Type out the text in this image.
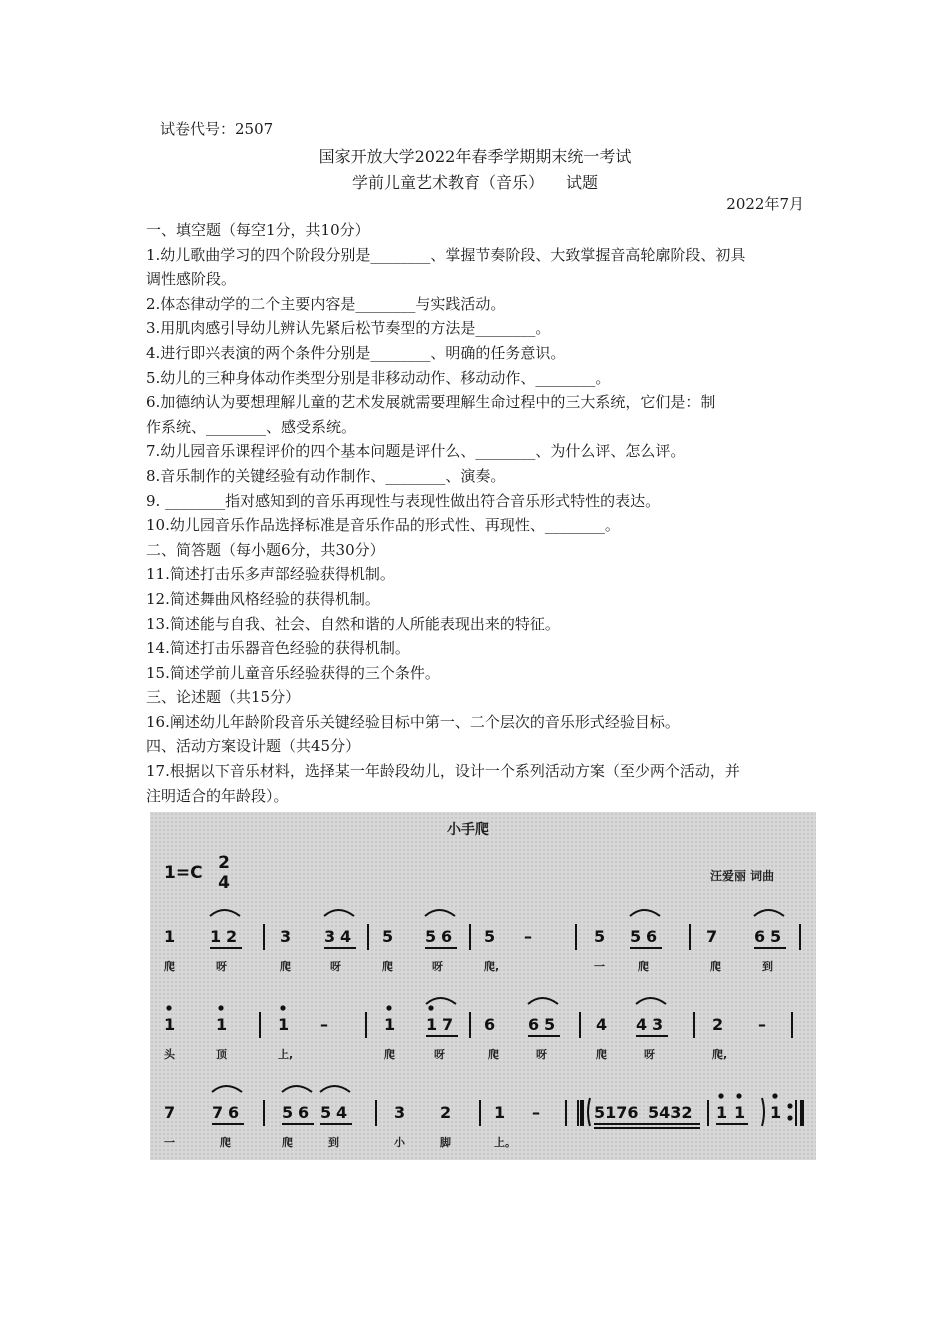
试卷代号：2507
国家开放大学2022年春季学期期末统一考试
学前儿童艺术教育（音乐） 试题
2022年7月

一、填空题（每空1分，共10分）

1.幼儿歌曲学习的四个阶段分别是________、掌握节奏阶段、大致掌握音高轮廓阶段、初具

调性感阶段。

2.体态律动学的二个主要内容是________与实践活动。

3.用肌肉感引导幼儿辨认先紧后松节奏型的方法是________。

4.进行即兴表演的两个条件分别是________、明确的任务意识。

5.幼儿的三种身体动作类型分别是非移动动作、移动动作、________。

6.加德纳认为要想理解儿童的艺术发展就需要理解生命过程中的三大系统，它们是：制

作系统、________、感受系统。

7.幼儿园音乐课程评价的四个基本问题是评什么、________、为什么评、怎么评。

8.音乐制作的关键经验有动作制作、________、演奏。

9. ________指对感知到的音乐再现性与表现性做出符合音乐形式特性的表达。

10.幼儿园音乐作品选择标准是音乐作品的形式性、再现性、________。

二、简答题（每小题6分，共30分）

11.简述打击乐多声部经验获得机制。

12.简述舞曲风格经验的获得机制。

13.简述能与自我、社会、自然和谐的人所能表现出来的特征。

14.简述打击乐器音色经验的获得机制。

15.简述学前儿童音乐经验获得的三个条件。

三、论述题（共15分）

16.阐述幼儿年龄阶段音乐关键经验目标中第一、二个层次的音乐形式经验目标。

四、活动方案设计题（共45分）

17.根据以下音乐材料，选择某一年龄段幼儿，设计一个系列活动方案（至少两个活动，并

注明适合的年龄段）。

小手爬
1=C 2
4	汪爱丽 词曲
1 1 2	3 3 4 5 5 6 5 –	5 5 6	7 6 5
爬	呀	爬	呀	爬	呀	爬,	一	爬	爬	到
1	1	1 –	1 1 7 6 6 5	4 4 3	2 –
头	顶	上,	爬	呀	爬	呀	爬	呀	爬,
7 7 6	5 6 5 4	3 2	1 –	5176 5432 1 1 1
一	爬	爬	到	小	脚	上。
